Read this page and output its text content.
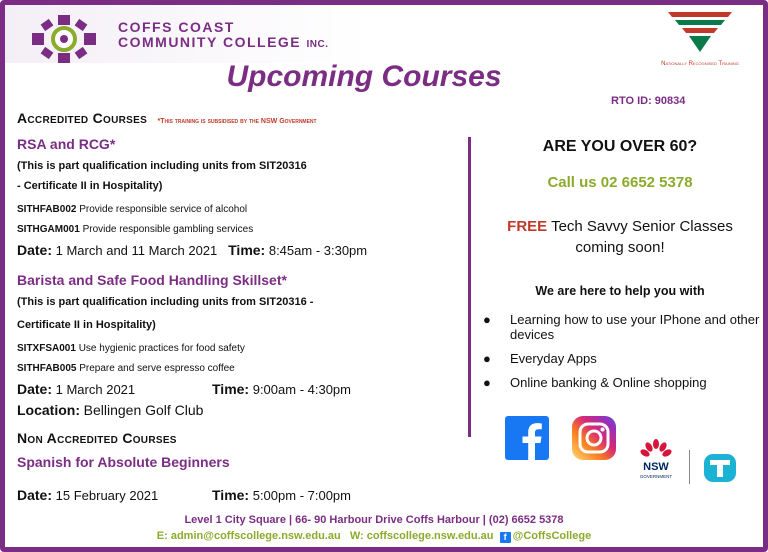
COFFS COAST
COMMUNITY COLLEGE INC.
Upcoming Courses	Nationally Recognised Training
RTO ID: 90834
Accredited Courses *This training is subsidised by the NSW Government
RSA and RCG*
(This is part qualification including units from SIT20316
- Certificate II in Hospitality)
SITHFAB002 Provide responsible service of alcohol
SITHGAM001 Provide responsible gambling services
Date: 1 March and 11 March 2021 Time: 8:45am - 3:30pm
Barista and Safe Food Handling Skillset*
(This is part qualification including units from SIT20316 -
Certificate II in Hospitality)
SITXFSA001 Use hygienic practices for food safety
SITHFAB005 Prepare and serve espresso coffee
Date: 1 March 2021	Time: 9:00am - 4:30pm
Location: Bellingen Golf Club
Non Accredited Courses
Spanish for Absolute Beginners
Date: 15 February 2021	Time: 5:00pm - 7:00pm
ARE YOU OVER 60?
Call us 02 6652 5378
FREE Tech Savvy Senior Classes
coming soon!
We are here to help you with
● Learning how to use your IPhone and other devices
● Everyday Apps
● Online banking & Online shopping
NSW
GOVERNMENT
Level 1 City Square | 66- 90 Harbour Drive Coffs Harbour | (02) 6652 5378
E: admin@coffscollege.nsw.edu.au W: coffscollege.nsw.edu.au f @CoffsCollege
